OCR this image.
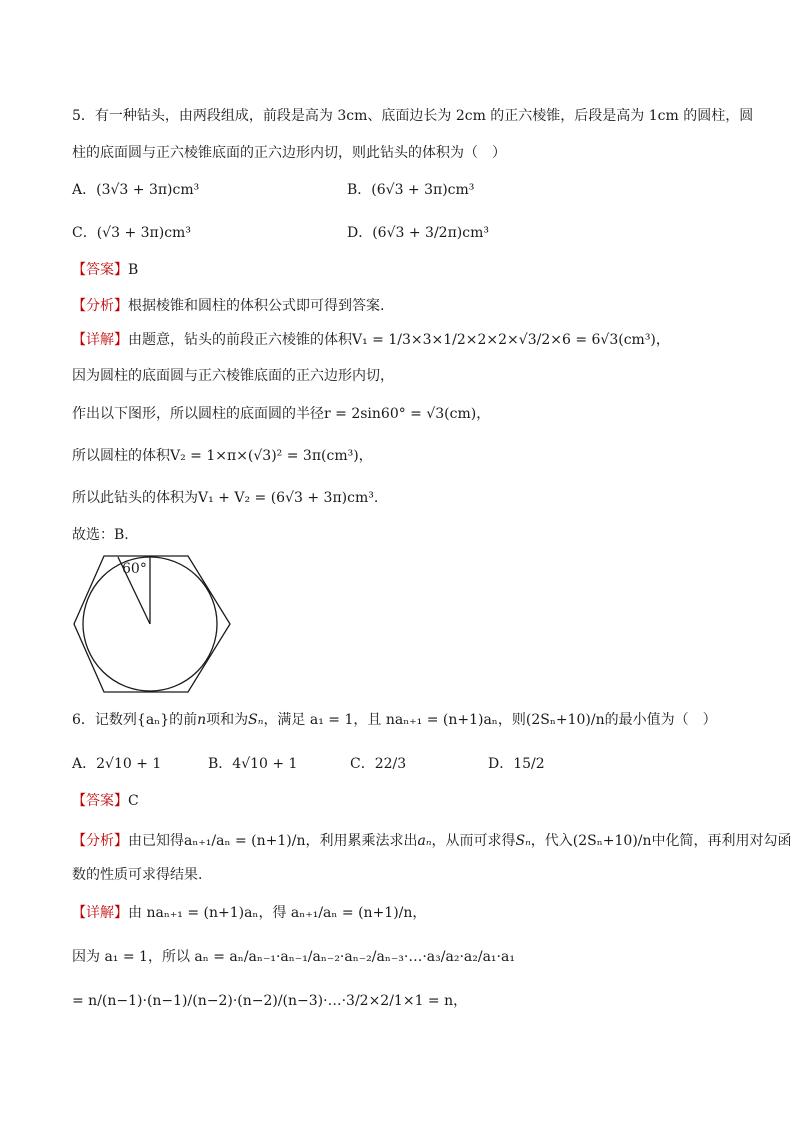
5．有一种钻头，由两段组成，前段是高为 3cm、底面边长为 2cm 的正六棱锥，后段是高为 1cm 的圆柱，圆
柱的底面圆与正六棱锥底面的正六边形内切，则此钻头的体积为（　）
A．(3√3 + 3π)cm³	B．(6√3 + 3π)cm³
C．(√3 + 3π)cm³	D．(6√3 + 3/2π)cm³
【答案】B
【分析】根据棱锥和圆柱的体积公式即可得到答案.
【详解】由题意，钻头的前段正六棱锥的体积V₁ = 1/3×3×1/2×2×2×√3/2×6 = 6√3(cm³)，
因为圆柱的底面圆与正六棱锥底面的正六边形内切，
作出以下图形，所以圆柱的底面圆的半径r = 2sin60° = √3(cm)，
所以圆柱的体积V₂ = 1×π×(√3)² = 3π(cm³)，
所以此钻头的体积为V₁ + V₂ = (6√3 + 3π)cm³.
故选：B.
60°
6．记数列{aₙ}的前n项和为Sₙ，满足 a₁ = 1，且 naₙ₊₁ = (n+1)aₙ，则(2Sₙ+10)/n的最小值为（　）
A．2√10 + 1	B．4√10 + 1	C．22/3	D．15/2
【答案】C
【分析】由已知得aₙ₊₁/aₙ = (n+1)/n，利用累乘法求出aₙ，从而可求得Sₙ，代入(2Sₙ+10)/n中化简，再利用对勾函
数的性质可求得结果.
【详解】由 naₙ₊₁ = (n+1)aₙ，得 aₙ₊₁/aₙ = (n+1)/n，
因为 a₁ = 1，所以 aₙ = aₙ/aₙ₋₁·aₙ₋₁/aₙ₋₂·aₙ₋₂/aₙ₋₃·…·a₃/a₂·a₂/a₁·a₁
= n/(n−1)·(n−1)/(n−2)·(n−2)/(n−3)·…·3/2×2/1×1 = n，
